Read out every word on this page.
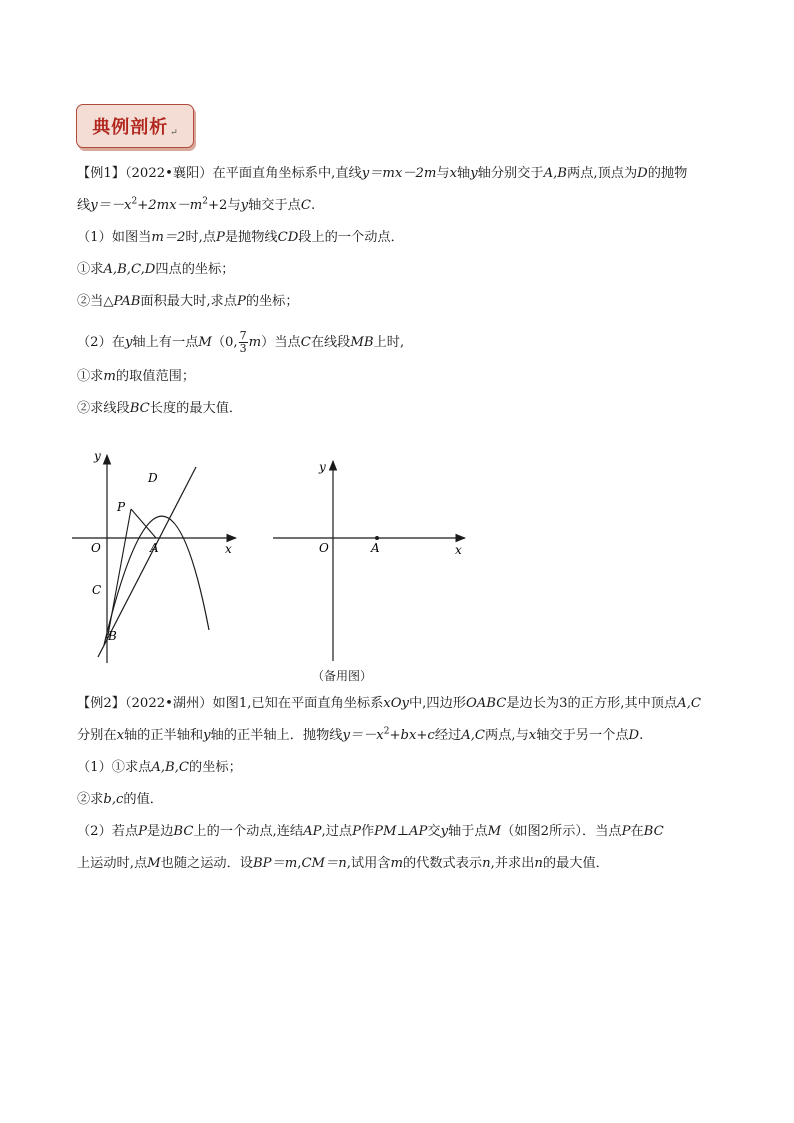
典例剖析 ↵
【例1】（2022•襄阳）在平面直角坐标系中,直线y＝mx－2m与x轴y轴分别交于A,B两点,顶点为D的抛物
线$y=-x^2+2mx-m^2+2$与y轴交于点C.
（1）如图当m＝2时,点P是抛物线CD段上的一个动点．
①求A,B,C,D四点的坐标；
②当△PAB面积最大时,求点P的坐标；
（2）在y轴上有一点M（0, $\frac{7}{3} m$）当点C在线段MB上时,
①求m的取值范围；
②求线段BC长度的最大值．
y
x
O	A
D
P
C
B
y
x
O	A
（备用图）
【例2】（2022•湖州）如图1,已知在平面直角坐标系xOy中,四边形OABC是边长为3的正方形,其中顶点A,C
分别在x轴的正半轴和y轴的正半轴上．抛物线$y=-x^2+bx+c$经过A,C两点,与x轴交于另一个点D.
（1）①求点A,B,C的坐标；
②求b,c的值．
（2）若点P是边BC上的一个动点,连结AP,过点P作PM⊥AP交y轴于点M（如图2所示）．当点P在BC
上运动时,点M也随之运动．设BP＝m,CM＝n,试用含m的代数式表示n,并求出n的最大值．
